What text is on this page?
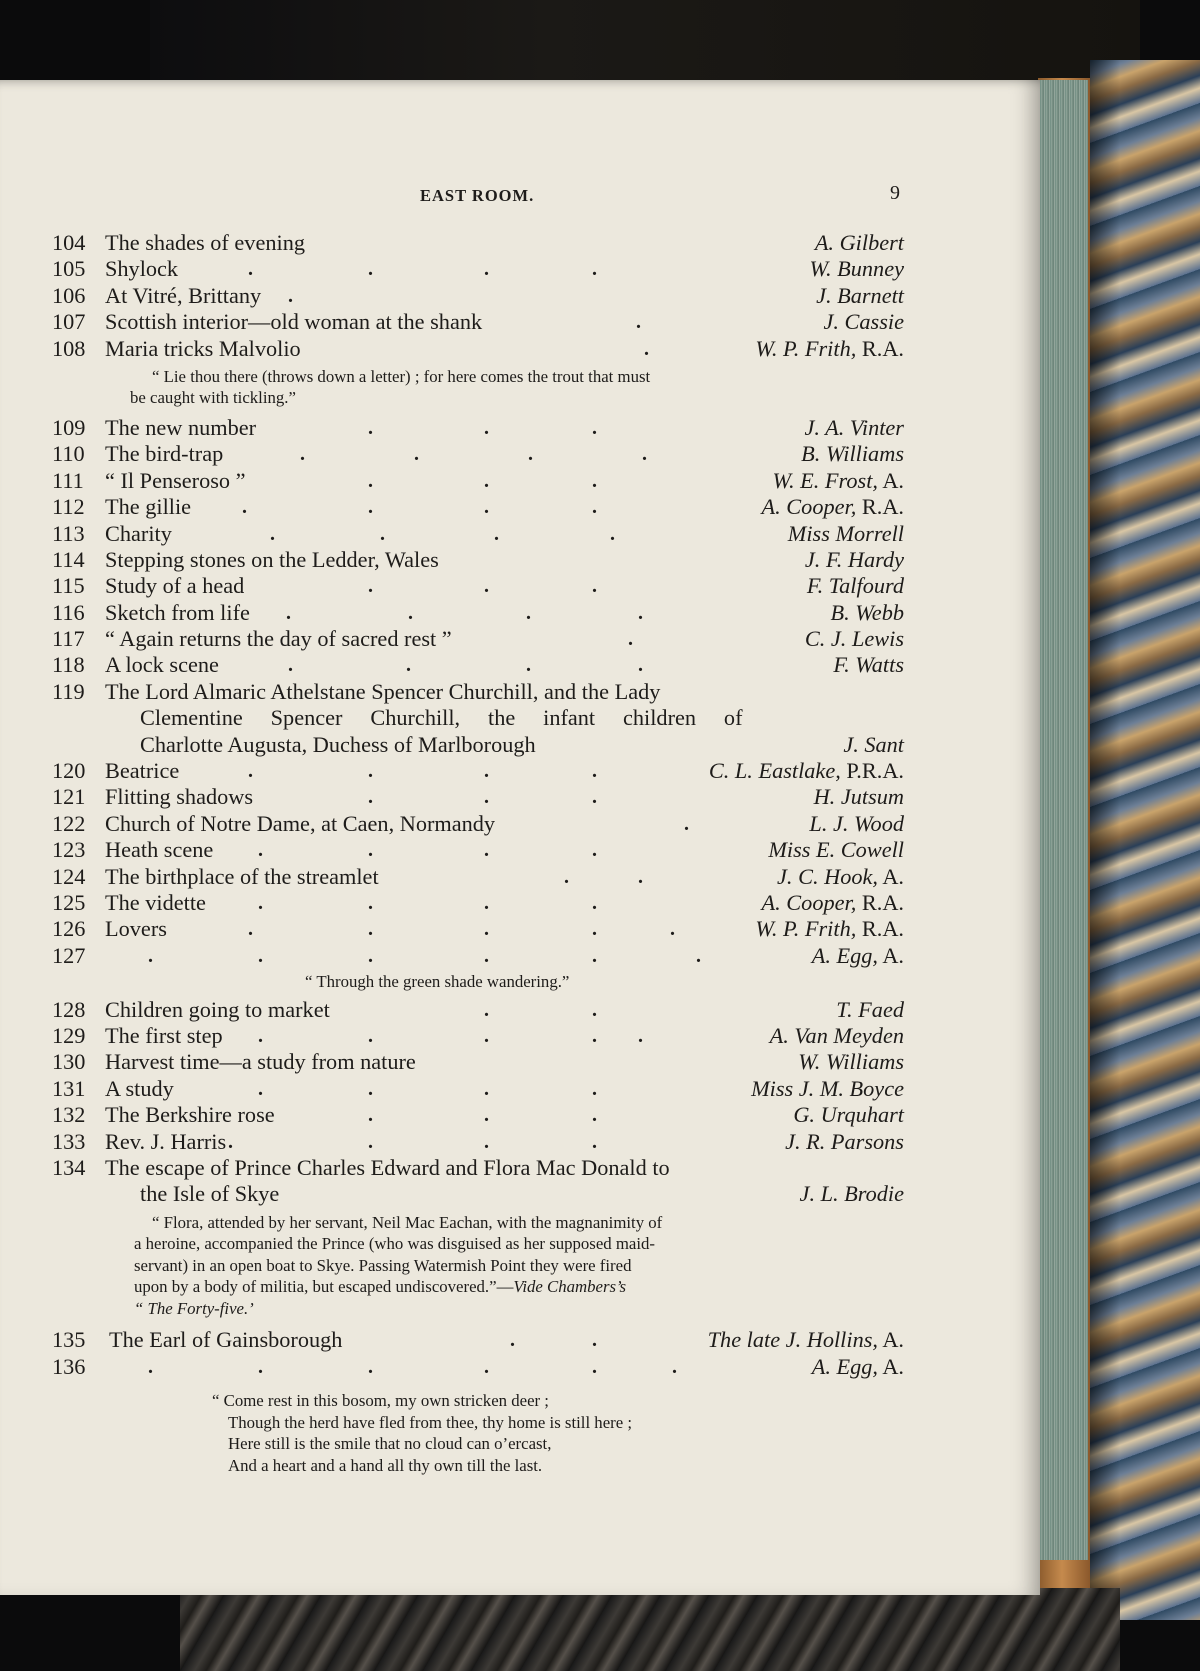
EAST ROOM.	9
104 The shades of evening	A. Gilbert
105 Shylock	.	.	.	.	W. Bunney
106 At Vitré, Brittany .	J. Barnett
107 Scottish interior—old woman at the shank	.	J. Cassie
108 Maria tricks Malvolio	.	W. P. Frith, R.A.
“ Lie thou there (throws down a letter) ; for here comes the trout that must
be caught with tickling.”
109 The new number	.	.	.	J. A. Vinter
110 The bird-trap	.	.	.	.	B. Williams
111 “ Il Penseroso ”	.	.	.	W. E. Frost, A.
112 The gillie	.	.	.	.	A. Cooper, R.A.
113 Charity	.	.	.	.	Miss Morrell
114 Stepping stones on the Ledder, Wales	J. F. Hardy
115 Study of a head	.	.	.	F. Talfourd
116 Sketch from life .	.	.	.	B. Webb
117 “ Again returns the day of sacred rest ”	.	C. J. Lewis
118 A lock scene	.	.	.	.	F. Watts
119 The Lord Almaric Athelstane Spencer Churchill, and the Lady
Clementine     Spencer     Churchill,     the     infant     children     of
Charlotte Augusta, Duchess of Marlborough	J. Sant
120 Beatrice	.	.	.	.	C. L. Eastlake, P.R.A.
121 Flitting shadows	.	.	.	H. Jutsum
122 Church of Notre Dame, at Caen, Normandy	.	L. J. Wood
123 Heath scene .	.	.	.	Miss E. Cowell
124 The birthplace of the streamlet	.	.	J. C. Hook, A.
125 The vidette	.	.	.	.	A. Cooper, R.A.
126 Lovers	.	.	.	.	.	W. P. Frith, R.A.
127	.	.	.	.	.	.	A. Egg, A.
“ Through the green shade wandering.”
128 Children going to market	.	.	T. Faed
129 The first step .	.	.	. .	A. Van Meyden
130 Harvest time—a study from nature	W. Williams
131 A study	.	.	.	.	Miss J. M. Boyce
132 The Berkshire rose	.	.	.	G. Urquhart
133 Rev. J. Harris .	.	.	.	J. R. Parsons
134 The escape of Prince Charles Edward and Flora Mac Donald to
the Isle of Skye	J. L. Brodie
“ Flora, attended by her servant, Neil Mac Eachan, with the magnanimity of
a heroine, accompanied the Prince (who was disguised as her supposed maid-
servant) in an open boat to Skye. Passing Watermish Point they were fired
upon by a body of militia, but escaped undiscovered.”—Vide Chambers’s
“ The Forty-five.’
135 The Earl of Gainsborough	.	.	The late J. Hollins, A.
136	.	.	.	.	.	.	A. Egg, A.
“ Come rest in this bosom, my own stricken deer ;
Though the herd have fled from thee, thy home is still here ;
Here still is the smile that no cloud can o’ercast,
And a heart and a hand all thy own till the last.
